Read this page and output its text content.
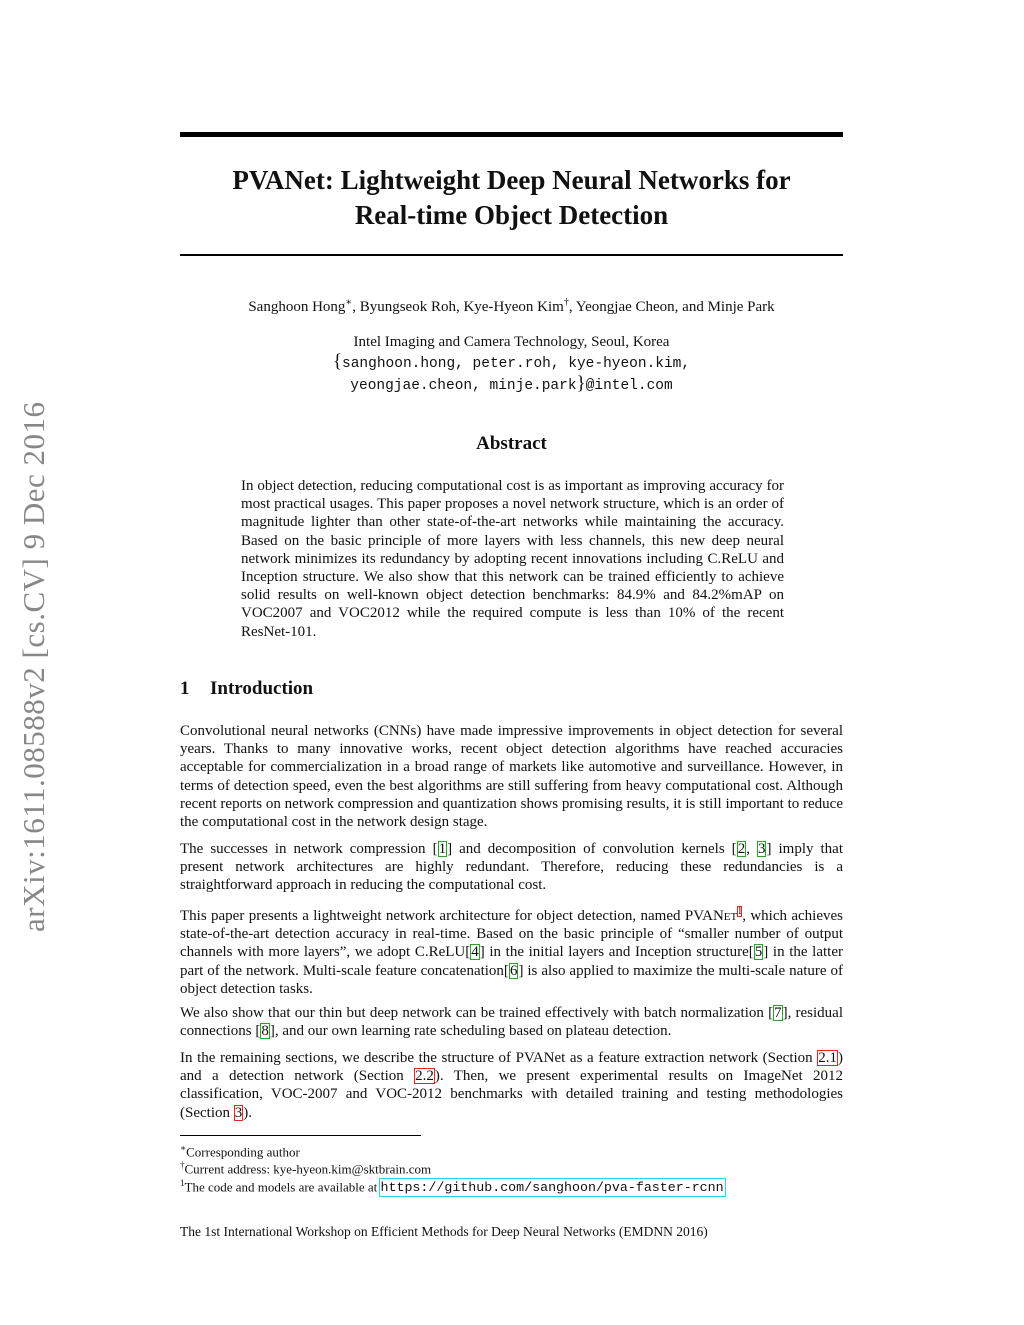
arXiv:1611.08588v2 [cs.CV] 9 Dec 2016
PVANet: Lightweight Deep Neural Networks for
Real-time Object Detection
Sanghoon Hong∗, Byungseok Roh, Kye-Hyeon Kim†, Yeongjae Cheon, and Minje Park
Intel Imaging and Camera Technology, Seoul, Korea
{sanghoon.hong, peter.roh, kye-hyeon.kim,
yeongjae.cheon, minje.park}@intel.com
Abstract
In object detection, reducing computational cost is as important as improving accuracy for most practical usages. This paper proposes a novel network structure, which is an order of magnitude lighter than other state-of-the-art networks while maintaining the accuracy. Based on the basic principle of more layers with less channels, this new deep neural network minimizes its redundancy by adopting recent innovations including C.ReLU and Inception structure. We also show that this network can be trained efficiently to achieve solid results on well-known object detection benchmarks: 84.9% and 84.2%mAP on VOC2007 and VOC2012 while the required compute is less than 10% of the recent ResNet-101.
1 Introduction
Convolutional neural networks (CNNs) have made impressive improvements in object detection for several years. Thanks to many innovative works, recent object detection algorithms have reached accuracies acceptable for commercialization in a broad range of markets like automotive and surveillance. However, in terms of detection speed, even the best algorithms are still suffering from heavy computational cost. Although recent reports on network compression and quantization shows promising results, it is still important to reduce the computational cost in the network design stage.
The successes in network compression [1] and decomposition of convolution kernels [2, 3] imply that present network architectures are highly redundant. Therefore, reducing these redundancies is a straightforward approach in reducing the computational cost.
This paper presents a lightweight network architecture for object detection, named PVANet$^1$, which achieves state-of-the-art detection accuracy in real-time. Based on the basic principle of “smaller number of output channels with more layers”, we adopt C.ReLU[4] in the initial layers and Inception structure[5] in the latter part of the network. Multi-scale feature concatenation[6] is also applied to maximize the multi-scale nature of object detection tasks.
We also show that our thin but deep network can be trained effectively with batch normalization [7], residual connections [8], and our own learning rate scheduling based on plateau detection.
In the remaining sections, we describe the structure of PVANet as a feature extraction network (Section 2.1) and a detection network (Section 2.2). Then, we present experimental results on ImageNet 2012 classification, VOC-2007 and VOC-2012 benchmarks with detailed training and testing methodologies (Section 3).
∗Corresponding author
†Current address: kye-hyeon.kim@sktbrain.com
$^1$The code and models are available at https://github.com/sanghoon/pva-faster-rcnn
The 1st International Workshop on Efficient Methods for Deep Neural Networks (EMDNN 2016)
